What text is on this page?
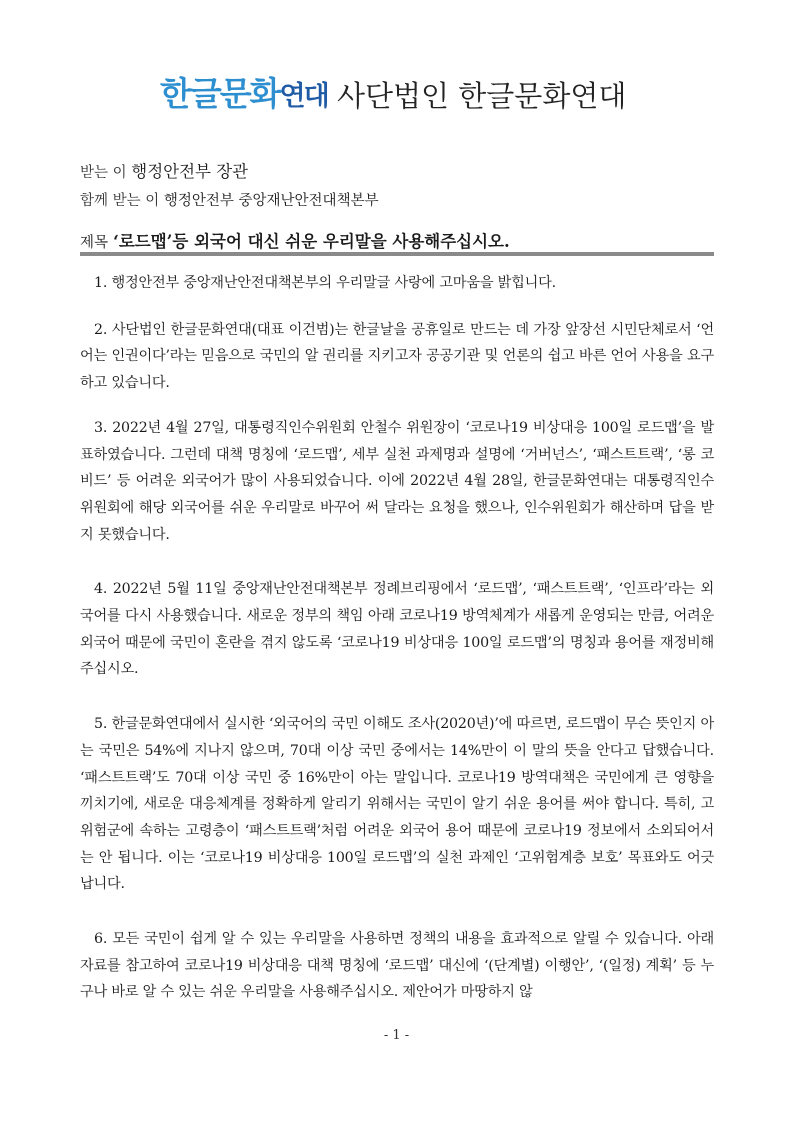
한글문화연대 사단법인 한글문화연대
받는 이 행정안전부 장관
함께 받는 이 행정안전부 중앙재난안전대책본부
제목 ‘로드맵’등 외국어 대신 쉬운 우리말을 사용해주십시오.

1. 행정안전부 중앙재난안전대책본부의 우리말글 사랑에 고마움을 밝힙니다.

2. 사단법인 한글문화연대(대표 이건범)는 한글날을 공휴일로 만드는 데 가장 앞장선 시민단체로서 ‘언어는 인권이다’라는 믿음으로 국민의 알 권리를 지키고자 공공기관 및 언론의 쉽고 바른 언어 사용을 요구하고 있습니다.

3. 2022년 4월 27일, 대통령직인수위원회 안철수 위원장이 ‘코로나19 비상대응 100일 로드맵’을 발표하였습니다. 그런데 대책 명칭에 ‘로드맵’, 세부 실천 과제명과 설명에 ‘거버넌스’, ‘패스트트랙’, ‘롱 코비드’ 등 어려운 외국어가 많이 사용되었습니다. 이에 2022년 4월 28일, 한글문화연대는 대통령직인수위원회에 해당 외국어를 쉬운 우리말로 바꾸어 써 달라는 요청을 했으나, 인수위원회가 해산하며 답을 받지 못했습니다.

4. 2022년 5월 11일 중앙재난안전대책본부 정례브리핑에서 ‘로드맵’, ‘패스트트랙’, ‘인프라’라는 외국어를 다시 사용했습니다. 새로운 정부의 책임 아래 코로나19 방역체계가 새롭게 운영되는 만큼, 어려운 외국어 때문에 국민이 혼란을 겪지 않도록 ‘코로나19 비상대응 100일 로드맵’의 명칭과 용어를 재정비해주십시오.

5. 한글문화연대에서 실시한 ‘외국어의 국민 이해도 조사(2020년)’에 따르면, 로드맵이 무슨 뜻인지 아는 국민은 54%에 지나지 않으며, 70대 이상 국민 중에서는 14%만이 이 말의 뜻을 안다고 답했습니다. ‘패스트트랙’도 70대 이상 국민 중 16%만이 아는 말입니다. 코로나19 방역대책은 국민에게 큰 영향을 끼치기에, 새로운 대응체계를 정확하게 알리기 위해서는 국민이 알기 쉬운 용어를 써야 합니다. 특히, 고위험군에 속하는 고령층이 ‘패스트트랙’처럼 어려운 외국어 용어 때문에 코로나19 정보에서 소외되어서는 안 됩니다. 이는 ‘코로나19 비상대응 100일 로드맵’의 실천 과제인 ‘고위험계층 보호’ 목표와도 어긋납니다.

6. 모든 국민이 쉽게 알 수 있는 우리말을 사용하면 정책의 내용을 효과적으로 알릴 수 있습니다. 아래 자료를 참고하여 코로나19 비상대응 대책 명칭에 ‘로드맵’ 대신에 ‘(단계별) 이행안’, ‘(일정) 계획’ 등 누구나 바로 알 수 있는 쉬운 우리말을 사용해주십시오. 제안어가 마땅하지 않

- 1 -
